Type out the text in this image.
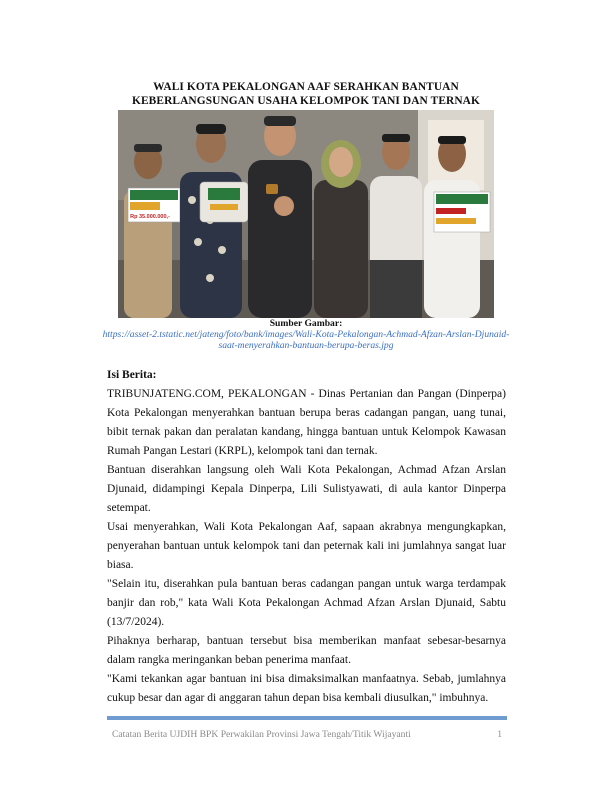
WALI KOTA PEKALONGAN AAF SERAHKAN BANTUAN
KEBERLANGSUNGAN USAHA KELOMPOK TANI DAN TERNAK
Rp 35.000.000,-
Sumber Gambar:
https://asset-2.tstatic.net/jateng/foto/bank/images/Wali-Kota-Pekalongan-Achmad-Afzan-Arslan-Djunaid-
saat-menyerahkan-bantuan-berupa-beras.jpg
Isi Berita:

TRIBUNJATENG.COM, PEKALONGAN - Dinas Pertanian dan Pangan (Dinperpa) Kota Pekalongan menyerahkan bantuan berupa beras cadangan pangan, uang tunai, bibit ternak pakan dan peralatan kandang, hingga bantuan untuk Kelompok Kawasan Rumah Pangan Lestari (KRPL), kelompok tani dan ternak.

Bantuan diserahkan langsung oleh Wali Kota Pekalongan, Achmad Afzan Arslan Djunaid, didampingi Kepala Dinperpa, Lili Sulistyawati, di aula kantor Dinperpa setempat.

Usai menyerahkan, Wali Kota Pekalongan Aaf, sapaan akrabnya mengungkapkan, penyerahan bantuan untuk kelompok tani dan peternak kali ini jumlahnya sangat luar biasa.

"Selain itu, diserahkan pula bantuan beras cadangan pangan untuk warga terdampak banjir dan rob," kata Wali Kota Pekalongan Achmad Afzan Arslan Djunaid, Sabtu (13/7/2024).

Pihaknya berharap, bantuan tersebut bisa memberikan manfaat sebesar-besarnya dalam rangka meringankan beban penerima manfaat.

"Kami tekankan agar bantuan ini bisa dimaksimalkan manfaatnya. Sebab, jumlahnya cukup besar dan agar di anggaran tahun depan bisa kembali diusulkan," imbuhnya.

Catatan Berita UJDIH BPK Perwakilan Provinsi Jawa Tengah/Titik Wijayanti	1
